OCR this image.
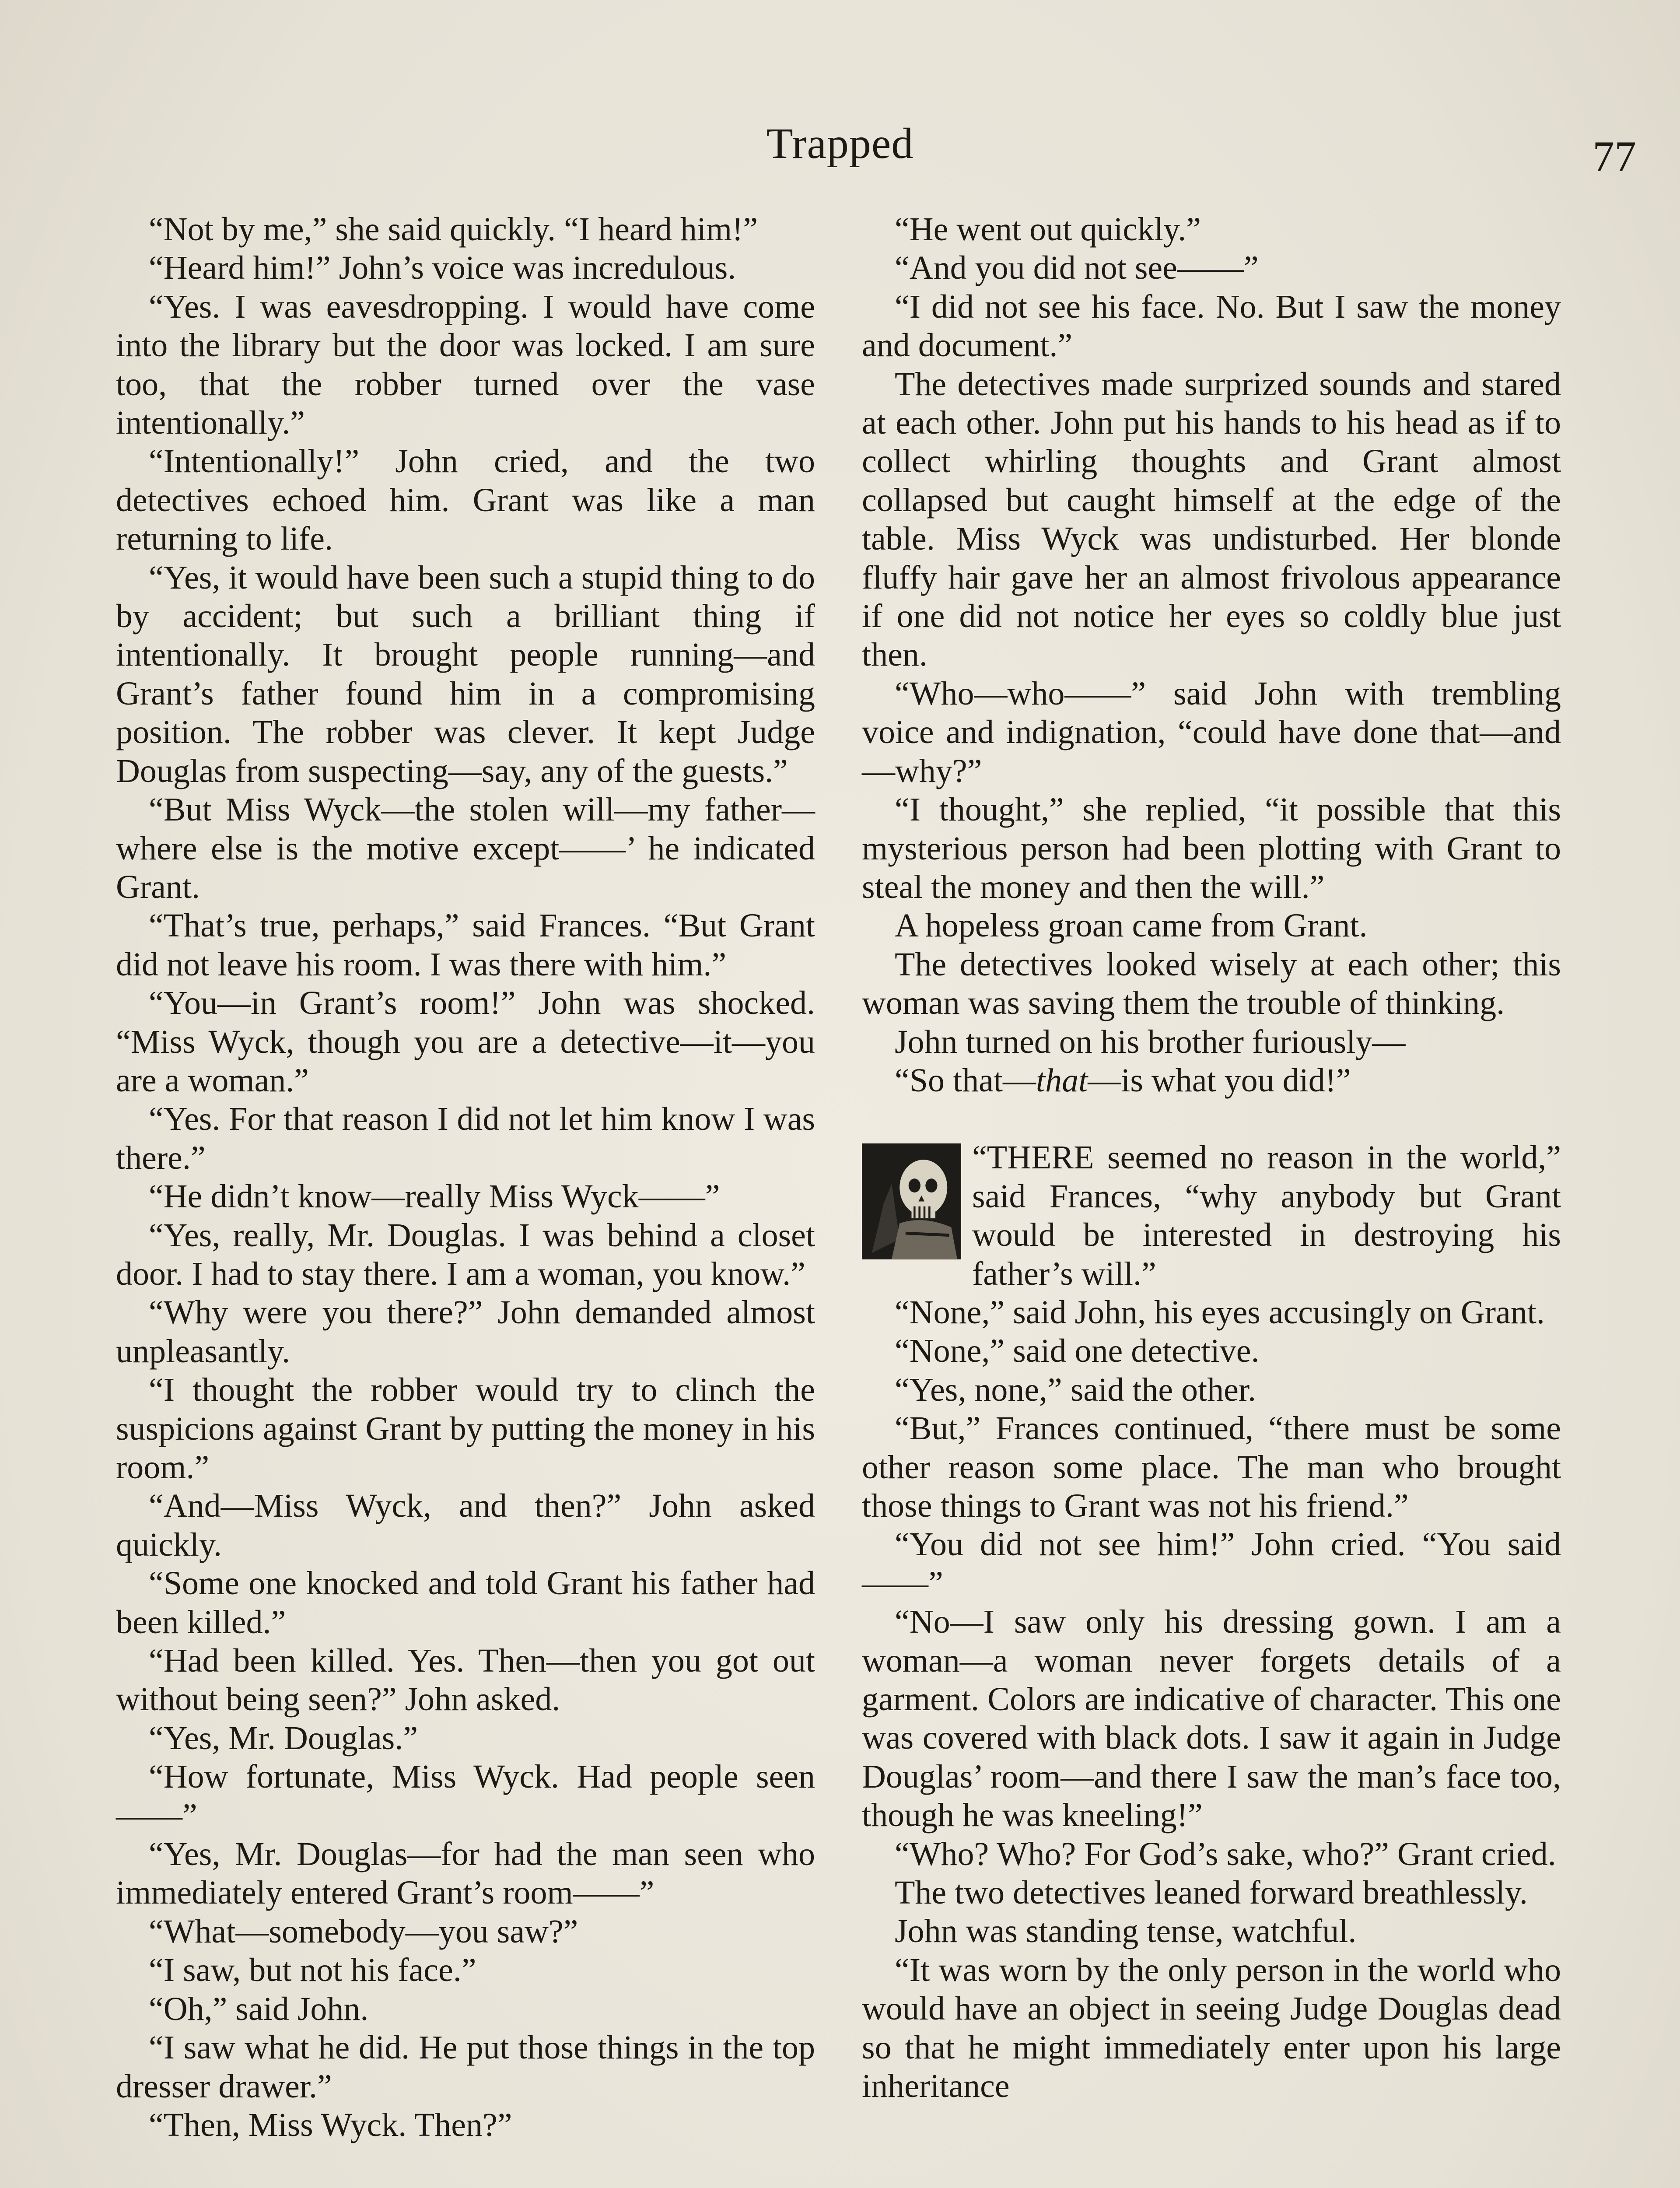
Trapped	77

“Not by me,” she said quickly. “I heard him!”

“Heard him!” John’s voice was incredulous.

“Yes. I was eavesdropping. I would have come into the library but the door was locked. I am sure too, that the robber turned over the vase intentionally.”

“Intentionally!” John cried, and the two detectives echoed him. Grant was like a man returning to life.

“Yes, it would have been such a stupid thing to do by accident; but such a brilliant thing if intentionally. It brought people running—and Grant’s father found him in a compromising position. The robber was clever. It kept Judge Douglas from suspecting—say, any of the guests.”

“But Miss Wyck—the stolen will—my father—where else is the motive except——’ he indicated Grant.

“That’s true, perhaps,” said Frances. “But Grant did not leave his room. I was there with him.”

“You—in Grant’s room!” John was shocked. “Miss Wyck, though you are a detective—it—you are a woman.”

“Yes. For that reason I did not let him know I was there.”

“He didn’t know—really Miss Wyck——”

“Yes, really, Mr. Douglas. I was behind a closet door. I had to stay there. I am a woman, you know.”

“Why were you there?” John demanded almost unpleasantly.

“I thought the robber would try to clinch the suspicions against Grant by putting the money in his room.”

“And—Miss Wyck, and then?” John asked quickly.

“Some one knocked and told Grant his father had been killed.”

“Had been killed. Yes. Then—then you got out without being seen?” John asked.

“Yes, Mr. Douglas.”

“How fortunate, Miss Wyck. Had people seen——”

“Yes, Mr. Douglas—for had the man seen who immediately entered Grant’s room——”

“What—somebody—you saw?”

“I saw, but not his face.”

“Oh,” said John.

“I saw what he did. He put those things in the top dresser drawer.”

“Then, Miss Wyck. Then?”

“He went out quickly.”

“And you did not see——”

“I did not see his face. No. But I saw the money and document.”

The detectives made surprized sounds and stared at each other. John put his hands to his head as if to collect whirling thoughts and Grant almost collapsed but caught himself at the edge of the table. Miss Wyck was undisturbed. Her blonde fluffy hair gave her an almost frivolous appearance if one did not notice her eyes so coldly blue just then.

“Who—who——” said John with trembling voice and indignation, “could have done that—and—why?”

“I thought,” she replied, “it possible that this mysterious person had been plotting with Grant to steal the money and then the will.”

A hopeless groan came from Grant.

The detectives looked wisely at each other; this woman was saving them the trouble of thinking.

John turned on his brother furiously—

“So that—that—is what you did!”

“THERE seemed no reason in the world,” said Frances, “why anybody but Grant would be interested in destroying his father’s will.”

“None,” said John, his eyes accusingly on Grant.

“None,” said one detective.

“Yes, none,” said the other.

“But,” Frances continued, “there must be some other reason some place. The man who brought those things to Grant was not his friend.”

“You did not see him!” John cried. “You said——”

“No—I saw only his dressing gown. I am a woman—a woman never forgets details of a garment. Colors are indicative of character. This one was covered with black dots. I saw it again in Judge Douglas’ room—and there I saw the man’s face too, though he was kneeling!”

“Who? Who? For God’s sake, who?” Grant cried.

The two detectives leaned forward breathlessly.

John was standing tense, watchful.

“It was worn by the only person in the world who would have an object in seeing Judge Douglas dead so that he might immediately enter upon his large inheritance
